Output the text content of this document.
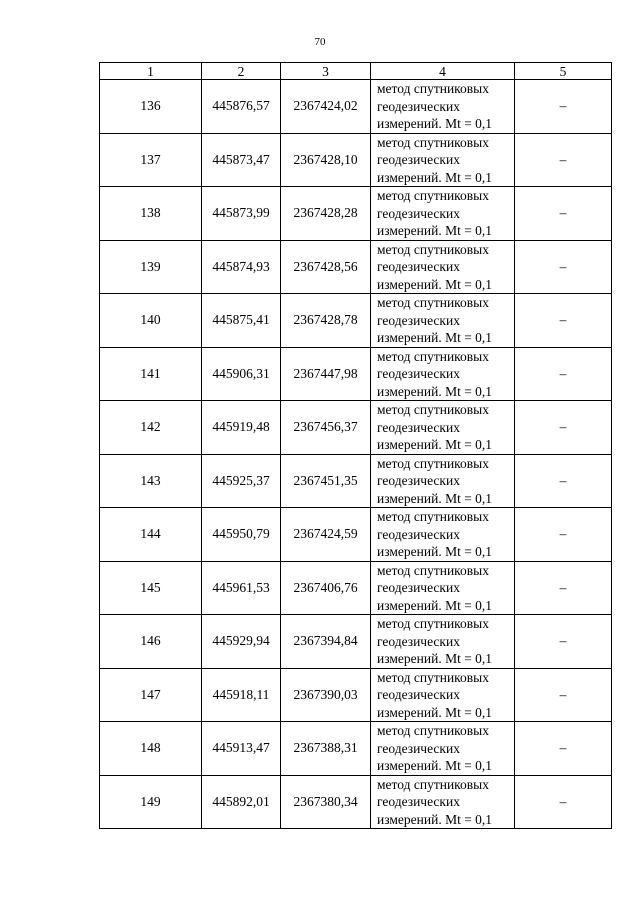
70
1	2	3	4	5
136	445876,57	2367424,02	метод спутниковых
геодезических
измерений. Mt = 0,1	–
137	445873,47	2367428,10	метод спутниковых
геодезических
измерений. Mt = 0,1	–
138	445873,99	2367428,28	метод спутниковых
геодезических
измерений. Mt = 0,1	–
139	445874,93	2367428,56	метод спутниковых
геодезических
измерений. Mt = 0,1	–
140	445875,41	2367428,78	метод спутниковых
геодезических
измерений. Mt = 0,1	–
141	445906,31	2367447,98	метод спутниковых
геодезических
измерений. Mt = 0,1	–
142	445919,48	2367456,37	метод спутниковых
геодезических
измерений. Mt = 0,1	–
143	445925,37	2367451,35	метод спутниковых
геодезических
измерений. Mt = 0,1	–
144	445950,79	2367424,59	метод спутниковых
геодезических
измерений. Mt = 0,1	–
145	445961,53	2367406,76	метод спутниковых
геодезических
измерений. Mt = 0,1	–
146	445929,94	2367394,84	метод спутниковых
геодезических
измерений. Mt = 0,1	–
147	445918,11	2367390,03	метод спутниковых
геодезических
измерений. Mt = 0,1	–
148	445913,47	2367388,31	метод спутниковых
геодезических
измерений. Mt = 0,1	–
149	445892,01	2367380,34	метод спутниковых
геодезических
измерений. Mt = 0,1	–
